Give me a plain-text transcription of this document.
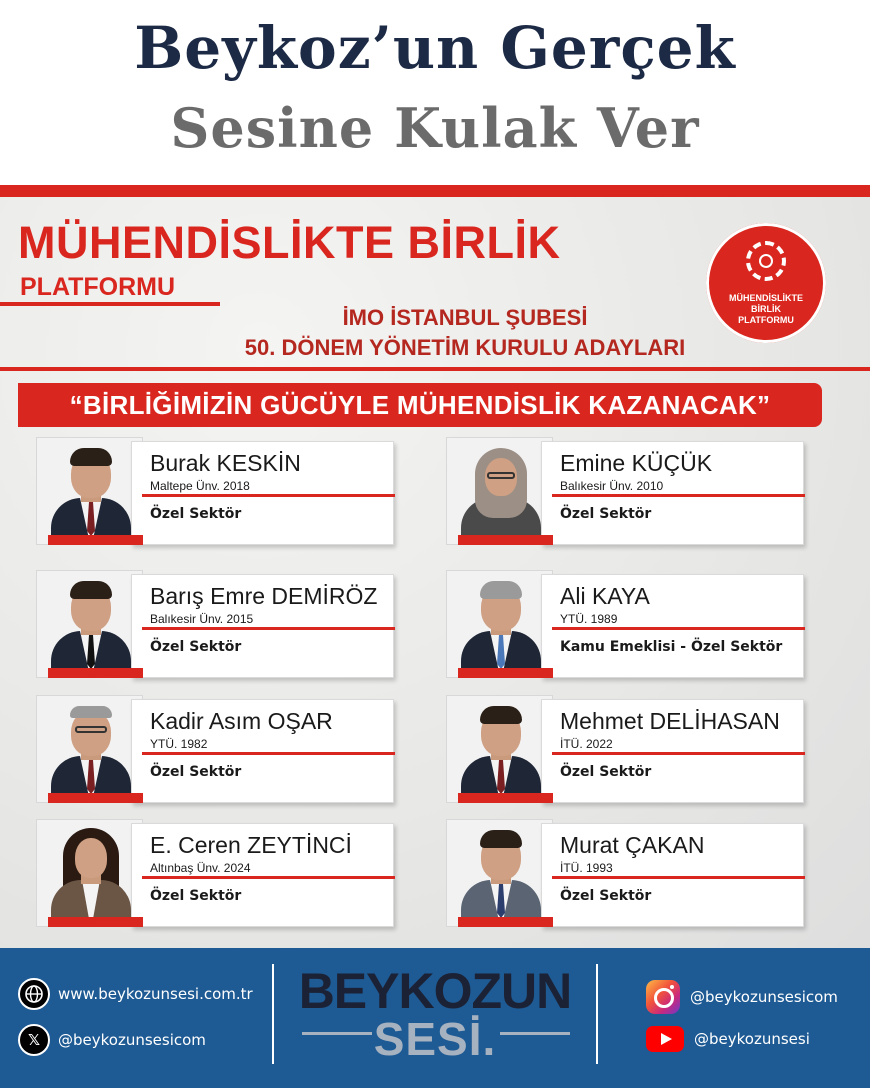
Beykoz’un Gerçek
Sesine Kulak Ver
MÜHENDİSLİKTE BİRLİK
PLATFORMU
İMO İSTANBUL ŞUBESİ
50. DÖNEM YÖNETİM KURULU ADAYLARI
MÜHENDİSLİKTE
BİRLİK
PLATFORMU
“BİRLİĞİMİZİN GÜCÜYLE MÜHENDİSLİK KAZANACAK”
Burak KESKİN
Maltepe Ünv. 2018
Özel Sektör
Emine KÜÇÜK
Balıkesir Ünv. 2010
Özel Sektör
Barış Emre DEMİRÖZ
Balıkesir Ünv. 2015
Özel Sektör
Ali KAYA
YTÜ. 1989
Kamu Emeklisi - Özel Sektör
Kadir Asım OŞAR
YTÜ. 1982
Özel Sektör
Mehmet DELİHASAN
İTÜ. 2022
Özel Sektör
E. Ceren ZEYTİNCİ
Altınbaş Ünv. 2024
Özel Sektör
Murat ÇAKAN
İTÜ. 1993
Özel Sektör
www.beykozunsesi.com.tr
𝕏	@beykozunsesicom
BEYKOZUN
SESİ.
@beykozunsesicom
@beykozunsesi
